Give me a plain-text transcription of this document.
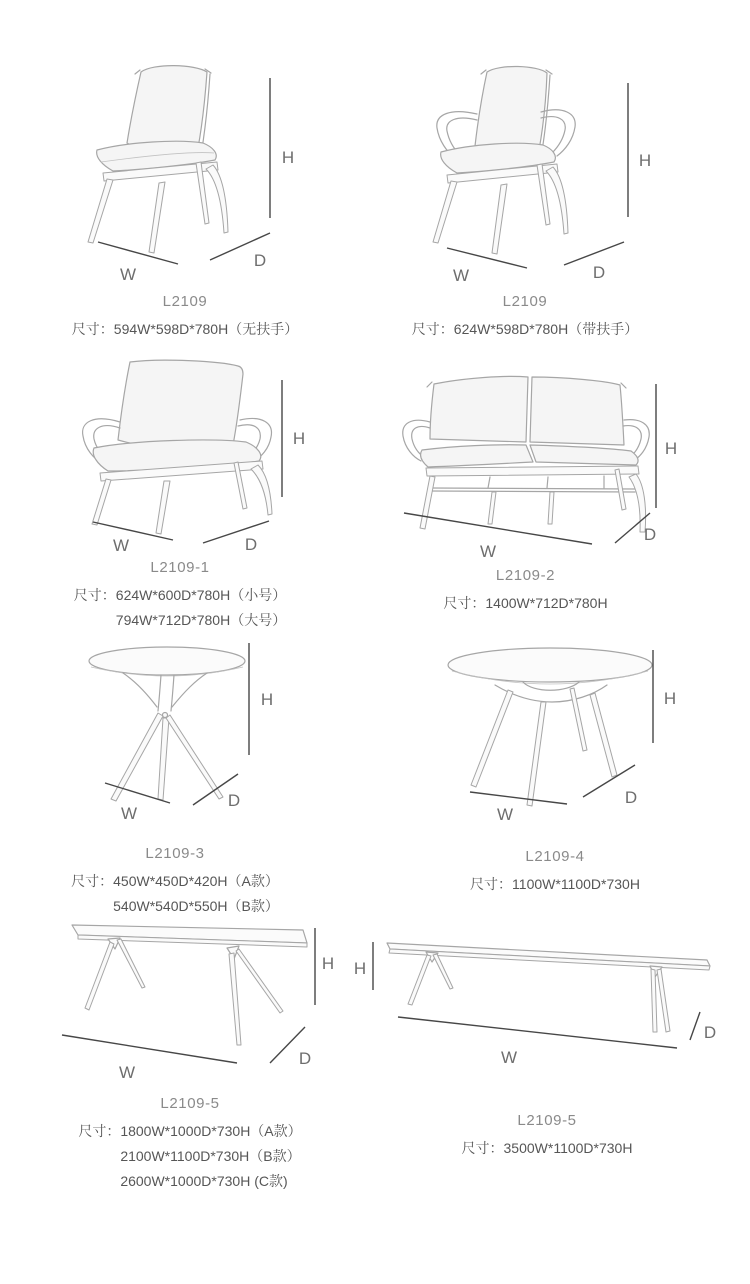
H
W
D
L2109
尺寸：594W*598D*780H（无扶手）
H
W	D
L2109
尺寸：624W*598D*780H（带扶手）
H
W	D
L2109-1
尺寸：624W*600D*780H（小号）
794W*712D*780H（大号）
H
W
D
L2109-2
尺寸：1400W*712D*780H
H
W
D
L2109-3
尺寸：450W*450D*420H（A款）
540W*540D*550H（B款）
H
W
D
L2109-4
尺寸：1100W*1100D*730H
H
W
D
L2109-5
尺寸：1800W*1000D*730H（A款）
2100W*1100D*730H（B款）
2600W*1000D*730H (C款)
H
W
D
L2109-5
尺寸：3500W*1100D*730H
